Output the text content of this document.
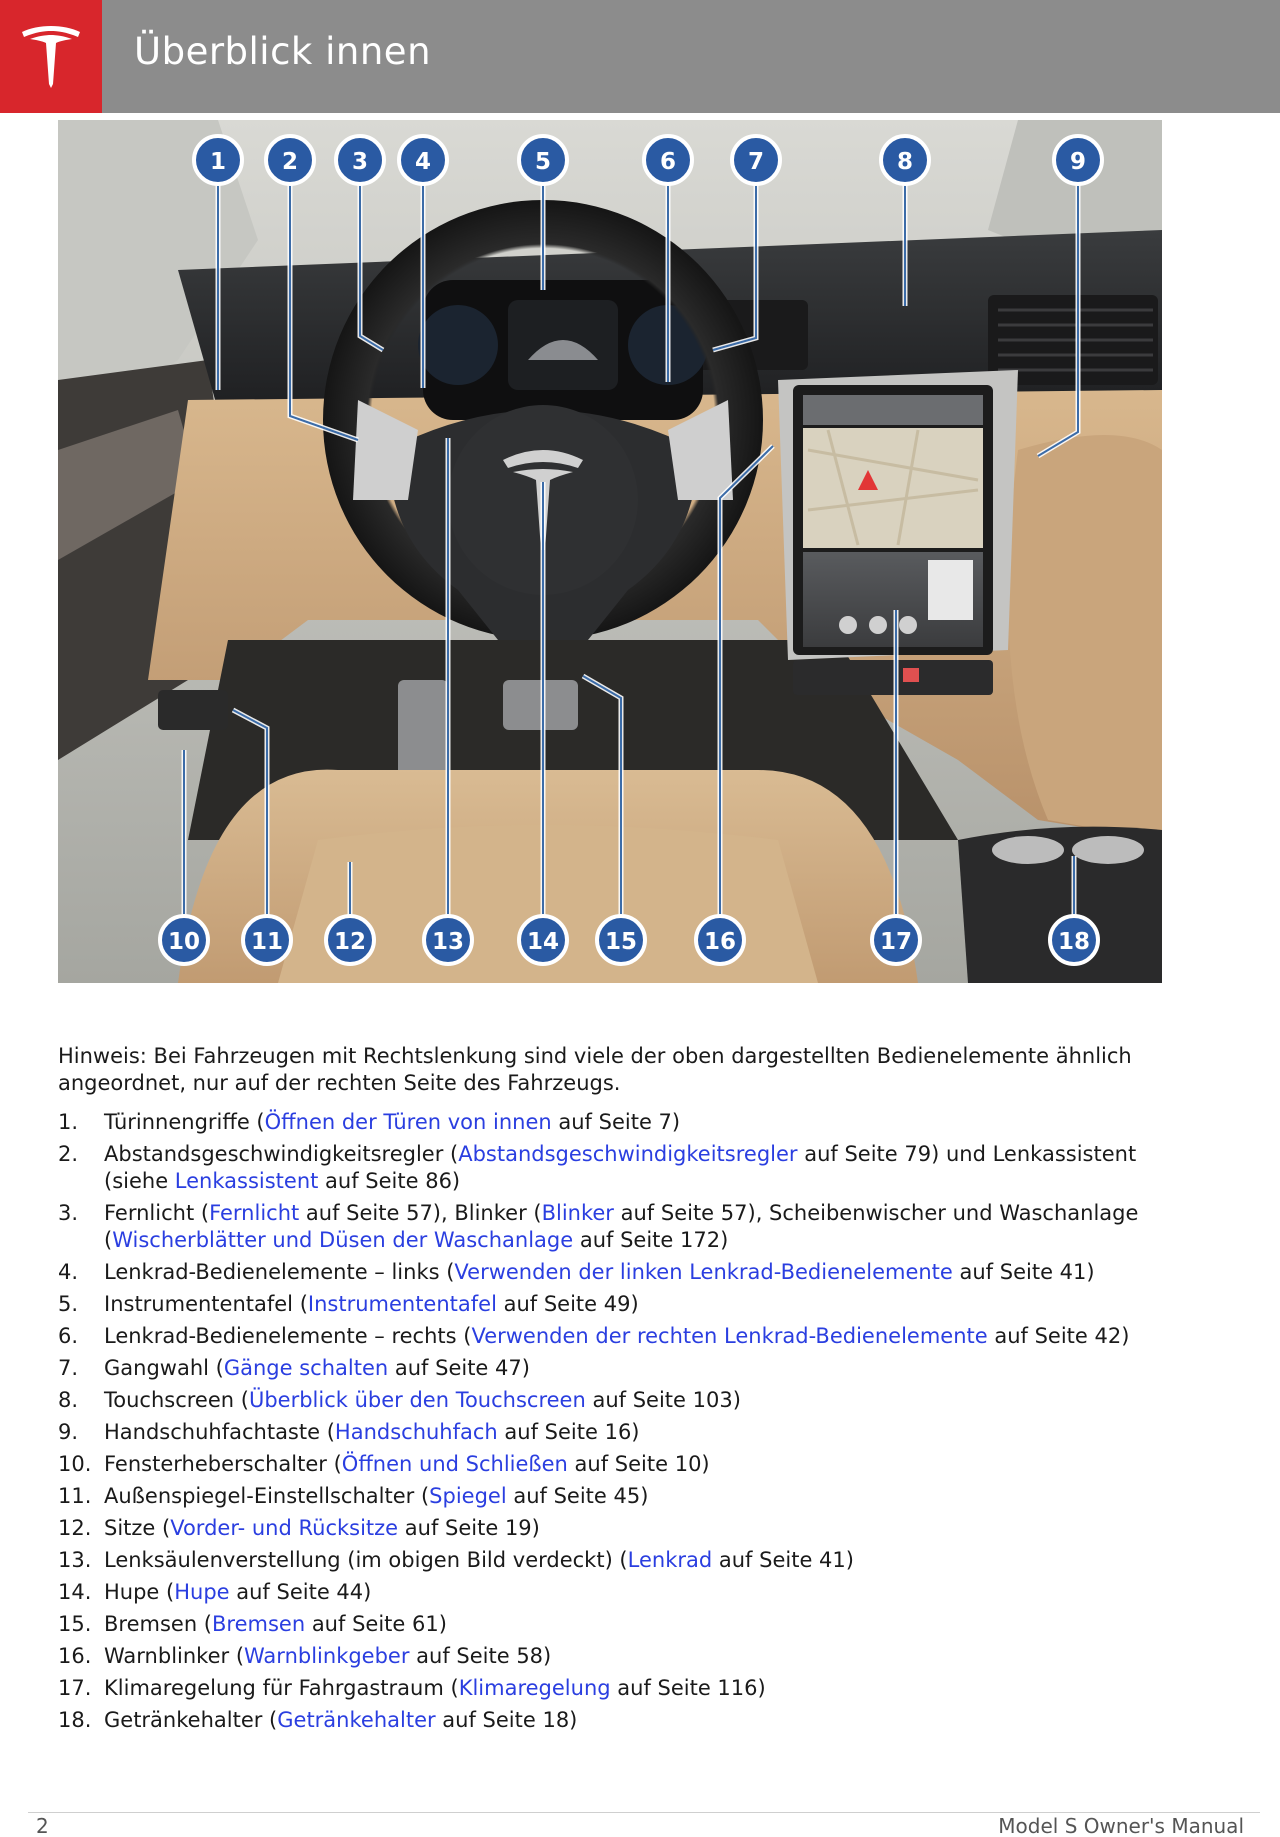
Überblick innen
1 2 3 4	5	6	7	8	9
10 11 12	13	14 15	16	17	18

Hinweis: Bei Fahrzeugen mit Rechtslenkung sind viele der oben dargestellten Bedienelemente ähnlich angeordnet, nur auf der rechten Seite des Fahrzeugs.

1. Türinnengriffe (Öffnen der Türen von innen auf Seite 7)
2. Abstandsgeschwindigkeitsregler (Abstandsgeschwindigkeitsregler auf Seite 79) und Lenkassistent (siehe Lenkassistent auf Seite 86)
3. Fernlicht (Fernlicht auf Seite 57), Blinker (Blinker auf Seite 57), Scheibenwischer und Waschanlage (Wischerblätter und Düsen der Waschanlage auf Seite 172)
4. Lenkrad-Bedienelemente – links (Verwenden der linken Lenkrad-Bedienelemente auf Seite 41)
5. Instrumententafel (Instrumententafel auf Seite 49)
6. Lenkrad-Bedienelemente – rechts (Verwenden der rechten Lenkrad-Bedienelemente auf Seite 42)
7. Gangwahl (Gänge schalten auf Seite 47)
8. Touchscreen (Überblick über den Touchscreen auf Seite 103)
9. Handschuhfachtaste (Handschuhfach auf Seite 16)
10. Fensterheberschalter (Öffnen und Schließen auf Seite 10)
11. Außenspiegel-Einstellschalter (Spiegel auf Seite 45)
12. Sitze (Vorder- und Rücksitze auf Seite 19)
13. Lenksäulenverstellung (im obigen Bild verdeckt) (Lenkrad auf Seite 41)
14. Hupe (Hupe auf Seite 44)
15. Bremsen (Bremsen auf Seite 61)
16. Warnblinker (Warnblinkgeber auf Seite 58)
17. Klimaregelung für Fahrgastraum (Klimaregelung auf Seite 116)
18. Getränkehalter (Getränkehalter auf Seite 18)
2	Model S Owner's Manual
